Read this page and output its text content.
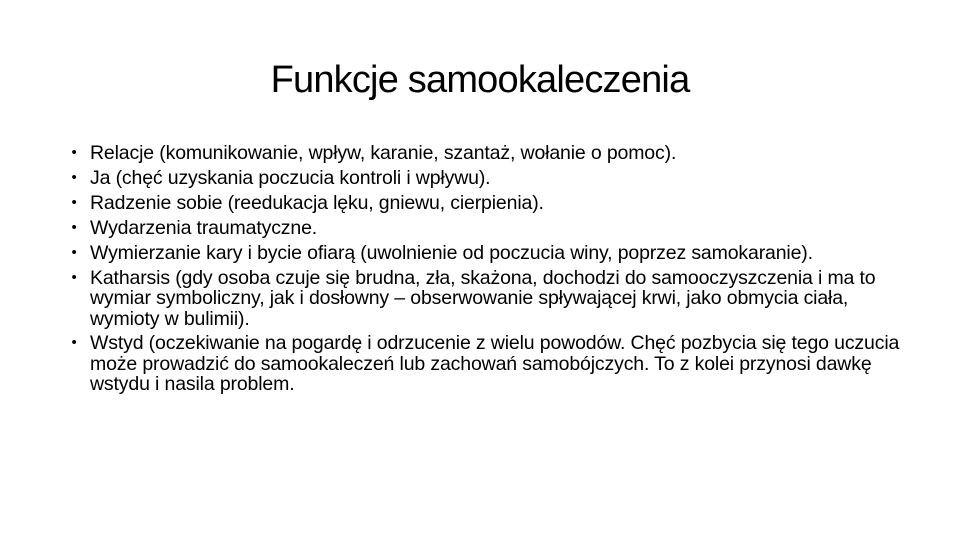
Funkcje samookaleczenia
• Relacje (komunikowanie, wpływ, karanie, szantaż, wołanie o pomoc).
• Ja (chęć uzyskania poczucia kontroli i wpływu).
• Radzenie sobie (reedukacja lęku, gniewu, cierpienia).
• Wydarzenia traumatyczne.
• Wymierzanie kary i bycie ofiarą (uwolnienie od poczucia winy, poprzez samokaranie).
• Katharsis (gdy osoba czuje się brudna, zła, skażona, dochodzi do samooczyszczenia i ma to wymiar symboliczny, jak i dosłowny – obserwowanie spływającej krwi, jako obmycia ciała, wymioty w bulimii).
• Wstyd (oczekiwanie na pogardę i odrzucenie z wielu powodów. Chęć pozbycia się tego uczucia może prowadzić do samookaleczeń lub zachowań samobójczych. To z kolei przynosi dawkę wstydu i nasila problem.
